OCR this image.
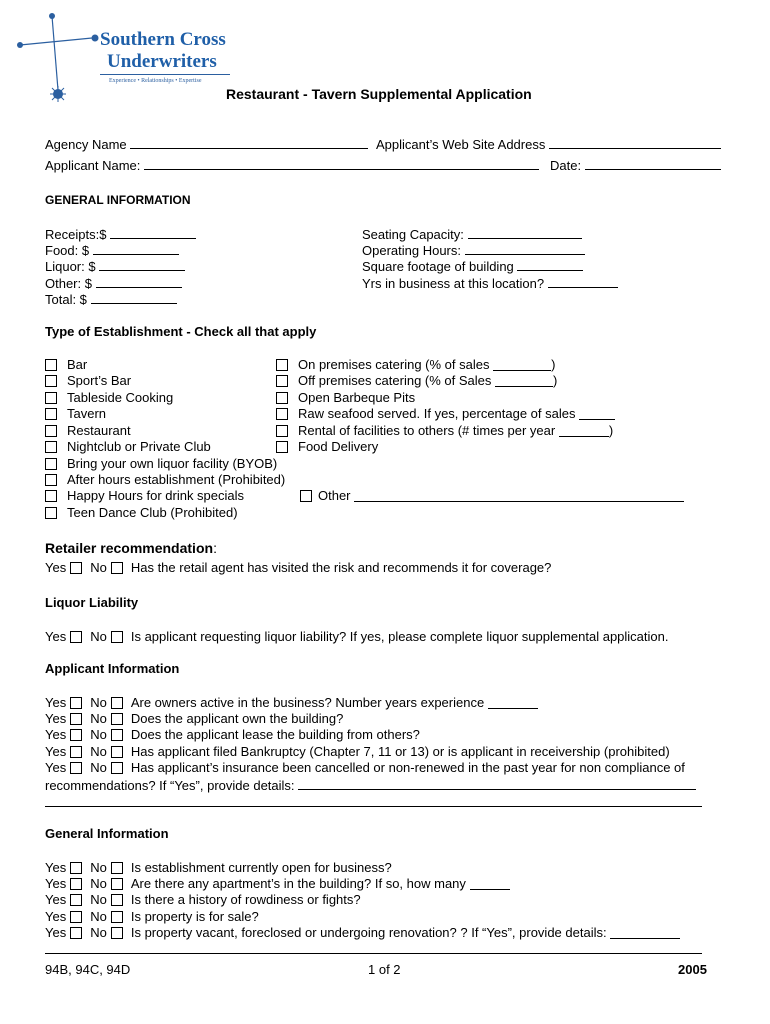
Southern Cross
Underwriters
Experience • Relationships • Expertise
Restaurant - Tavern Supplemental Application
Agency Name	Applicant’s Web Site Address
Applicant Name:	Date:
GENERAL INFORMATION
Receipts:$
Food: $
Liquor: $
Other: $
Total: $
Seating Capacity:
Operating Hours:
Square footage of building
Yrs in business at this location?
Type of Establishment - Check all that apply
Bar
Sport’s Bar
Tableside Cooking
Tavern
Restaurant
Nightclub or Private Club
Bring your own liquor facility (BYOB)
After hours establishment (Prohibited)
Happy Hours for drink specials
Teen Dance Club (Prohibited)
On premises catering (% of sales
	)
Off premises catering (% of Sales
	)
Open Barbeque Pits
Raw seafood served. If yes, percentage of sales

Rental of facilities to others (# times per year
	)
Food Delivery
Other

Retailer recommendation:
Yes No Has the retail agent has visited the risk and recommends it for coverage?
Liquor Liability
Yes No Is applicant requesting liquor liability? If yes, please complete liquor supplemental application.
Applicant Information
Yes No Are owners active in the business? Number years experience

Yes No Does the applicant own the building?
Yes No Does the applicant lease the building from others?
Yes No Has applicant filed Bankruptcy (Chapter 7, 11 or 13) or is applicant in receivership (prohibited)
Yes No Has applicant’s insurance been cancelled or non-renewed in the past year for non compliance of
recommendations? If “Yes”, provide details:
General Information
Yes No Is establishment currently open for business?
Yes No Are there any apartment’s in the building? If so, how many

Yes No Is there a history of rowdiness or fights?
Yes No Is property is for sale?
Yes No Is property vacant, foreclosed or undergoing renovation? ? If “Yes”, provide details:

94B, 94C, 94D	1 of 2	2005
